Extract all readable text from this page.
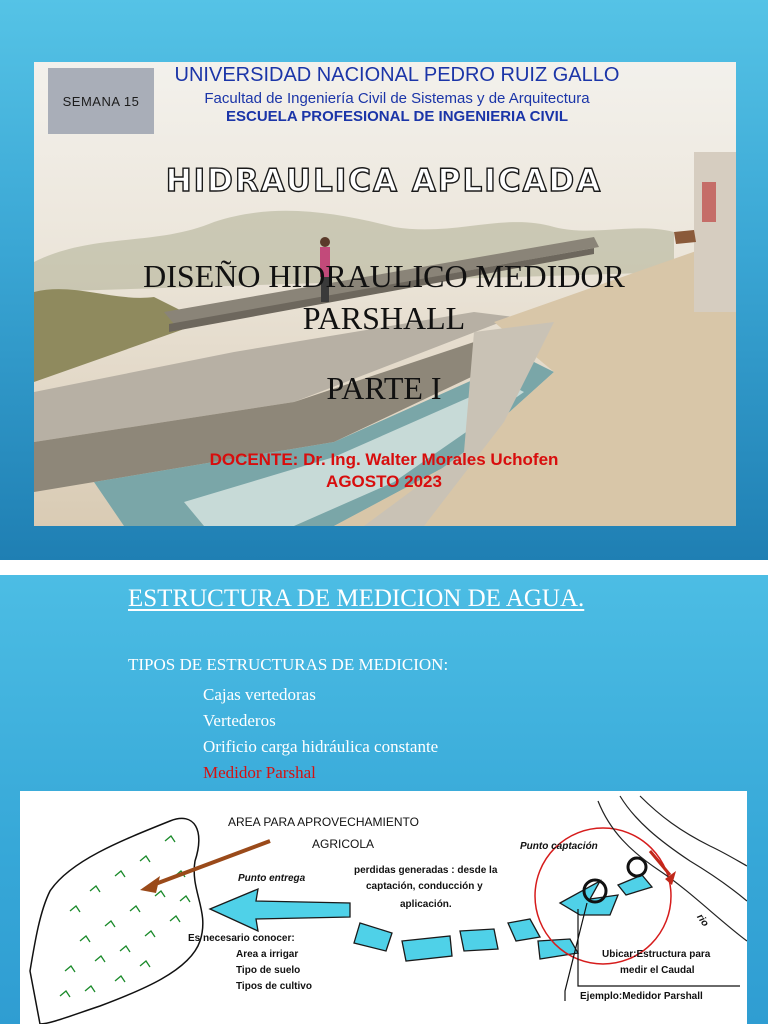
SEMANA 15
UNIVERSIDAD NACIONAL PEDRO RUIZ GALLO
Facultad de Ingeniería Civil de Sistemas y de Arquitectura
ESCUELA PROFESIONAL DE INGENIERIA CIVIL
HIDRAULICA APLICADA
DISEÑO HIDRAULICO MEDIDOR
PARSHALL
PARTE I
DOCENTE: Dr. Ing. Walter Morales Uchofen
AGOSTO 2023
ESTRUCTURA DE MEDICION DE AGUA.
TIPOS DE ESTRUCTURAS DE MEDICION:
Cajas vertedoras
Vertederos
Orificio carga hidráulica constante
Medidor Parshal
AREA PARA APROVECHAMIENTO
AGRICOLA
Punto entrega
perdidas generadas : desde la
captación, conducción y
aplicación.
Punto captación
Es necesario conocer:
Area a irrigar
Tipo de suelo
Tipos de cultivo
Ubicar:Estructura para
medir el Caudal
Ejemplo:Medidor Parshall
rio
